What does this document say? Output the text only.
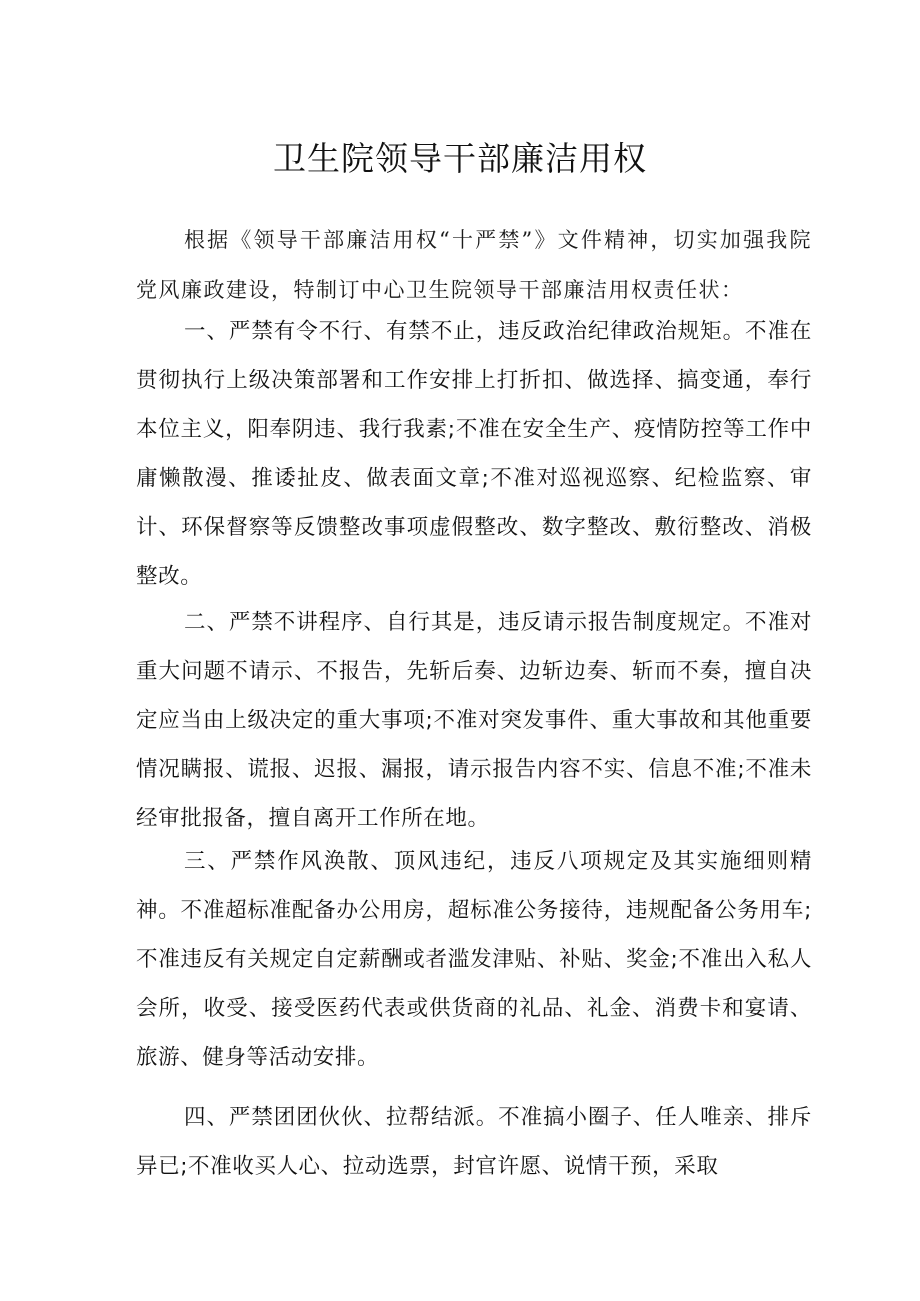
卫生院领导干部廉洁用权

根据《领导干部廉洁用权“十严禁”》文件精神，切实加强我院党风廉政建设，特制订中心卫生院领导干部廉洁用权责任状：

一、严禁有令不行、有禁不止，违反政治纪律政治规矩。不准在贯彻执行上级决策部署和工作安排上打折扣、做选择、搞变通，奉行本位主义，阳奉阴违、我行我素;不准在安全生产、疫情防控等工作中庸懒散漫、推诿扯皮、做表面文章;不准对巡视巡察、纪检监察、审计、环保督察等反馈整改事项虚假整改、数字整改、敷衍整改、消极整改。

二、严禁不讲程序、自行其是，违反请示报告制度规定。不准对重大问题不请示、不报告，先斩后奏、边斩边奏、斩而不奏，擅自决定应当由上级决定的重大事项;不准对突发事件、重大事故和其他重要情况瞒报、谎报、迟报、漏报，请示报告内容不实、信息不准;不准未经审批报备，擅自离开工作所在地。

三、严禁作风涣散、顶风违纪，违反八项规定及其实施细则精神。不准超标准配备办公用房，超标准公务接待，违规配备公务用车;不准违反有关规定自定薪酬或者滥发津贴、补贴、奖金;不准出入私人会所，收受、接受医药代表或供货商的礼品、礼金、消费卡和宴请、旅游、健身等活动安排。

四、严禁团团伙伙、拉帮结派。不准搞小圈子、任人唯亲、排斥异已;不准收买人心、拉动选票，封官许愿、说情干预，采取
